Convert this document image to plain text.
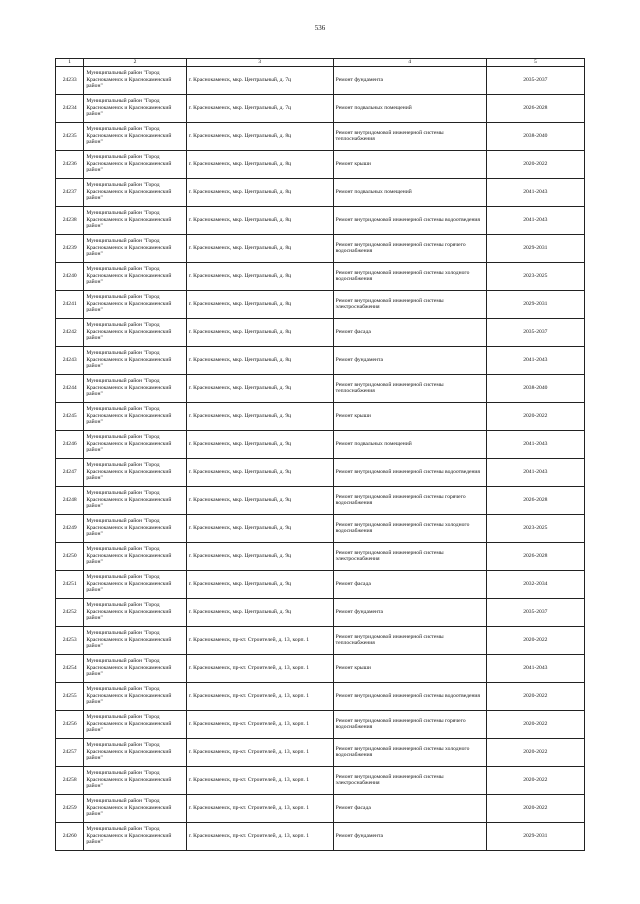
536
1	2	3	4	5
24233	Муниципальный район "Город Краснокаменск и Краснокаменский район"	г. Краснокаменск, мкр. Центральный, д. 7ц	Ремонт фундамента	2035-2037
24234	Муниципальный район "Город Краснокаменск и Краснокаменский район"	г. Краснокаменск, мкр. Центральный, д. 7ц	Ремонт подвальных помещений	2026-2028
24235	Муниципальный район "Город Краснокаменск и Краснокаменский район"	г. Краснокаменск, мкр. Центральный, д. 8ц	Ремонт внутридомовой инженерной системы теплоснабжения	2038-2040
24236	Муниципальный район "Город Краснокаменск и Краснокаменский район"	г. Краснокаменск, мкр. Центральный, д. 8ц	Ремонт крыши	2020-2022
24237	Муниципальный район "Город Краснокаменск и Краснокаменский район"	г. Краснокаменск, мкр. Центральный, д. 8ц	Ремонт подвальных помещений	2041-2043
24238	Муниципальный район "Город Краснокаменск и Краснокаменский район"	г. Краснокаменск, мкр. Центральный, д. 8ц	Ремонт внутридомовой инженерной системы водоотведения	2041-2043
24239	Муниципальный район "Город Краснокаменск и Краснокаменский район"	г. Краснокаменск, мкр. Центральный, д. 8ц	Ремонт внутридомовой инженерной системы горячего водоснабжения	2029-2031
24240	Муниципальный район "Город Краснокаменск и Краснокаменский район"	г. Краснокаменск, мкр. Центральный, д. 8ц	Ремонт внутридомовой инженерной системы холодного водоснабжения	2023-2025
24241	Муниципальный район "Город Краснокаменск и Краснокаменский район"	г. Краснокаменск, мкр. Центральный, д. 8ц	Ремонт внутридомовой инженерной системы электроснабжения	2029-2031
24242	Муниципальный район "Город Краснокаменск и Краснокаменский район"	г. Краснокаменск, мкр. Центральный, д. 8ц	Ремонт фасада	2035-2037
24243	Муниципальный район "Город Краснокаменск и Краснокаменский район"	г. Краснокаменск, мкр. Центральный, д. 8ц	Ремонт фундамента	2041-2043
24244	Муниципальный район "Город Краснокаменск и Краснокаменский район"	г. Краснокаменск, мкр. Центральный, д. 9ц	Ремонт внутридомовой инженерной системы теплоснабжения	2038-2040
24245	Муниципальный район "Город Краснокаменск и Краснокаменский район"	г. Краснокаменск, мкр. Центральный, д. 9ц	Ремонт крыши	2020-2022
24246	Муниципальный район "Город Краснокаменск и Краснокаменский район"	г. Краснокаменск, мкр. Центральный, д. 9ц	Ремонт подвальных помещений	2041-2043
24247	Муниципальный район "Город Краснокаменск и Краснокаменский район"	г. Краснокаменск, мкр. Центральный, д. 9ц	Ремонт внутридомовой инженерной системы водоотведения	2041-2043
24248	Муниципальный район "Город Краснокаменск и Краснокаменский район"	г. Краснокаменск, мкр. Центральный, д. 9ц	Ремонт внутридомовой инженерной системы горячего водоснабжения	2026-2028
24249	Муниципальный район "Город Краснокаменск и Краснокаменский район"	г. Краснокаменск, мкр. Центральный, д. 9ц	Ремонт внутридомовой инженерной системы холодного водоснабжения	2023-2025
24250	Муниципальный район "Город Краснокаменск и Краснокаменский район"	г. Краснокаменск, мкр. Центральный, д. 9ц	Ремонт внутридомовой инженерной системы электроснабжения	2026-2028
24251	Муниципальный район "Город Краснокаменск и Краснокаменский район"	г. Краснокаменск, мкр. Центральный, д. 9ц	Ремонт фасада	2032-2034
24252	Муниципальный район "Город Краснокаменск и Краснокаменский район"	г. Краснокаменск, мкр. Центральный, д. 9ц	Ремонт фундамента	2035-2037
24253	Муниципальный район "Город Краснокаменск и Краснокаменский район"	г. Краснокаменск, пр-кт. Строителей, д. 13, корп. 1	Ремонт внутридомовой инженерной системы теплоснабжения	2020-2022
24254	Муниципальный район "Город Краснокаменск и Краснокаменский район"	г. Краснокаменск, пр-кт. Строителей, д. 13, корп. 1	Ремонт крыши	2041-2043
24255	Муниципальный район "Город Краснокаменск и Краснокаменский район"	г. Краснокаменск, пр-кт. Строителей, д. 13, корп. 1	Ремонт внутридомовой инженерной системы водоотведения	2020-2022
24256	Муниципальный район "Город Краснокаменск и Краснокаменский район"	г. Краснокаменск, пр-кт. Строителей, д. 13, корп. 1	Ремонт внутридомовой инженерной системы горячего водоснабжения	2020-2022
24257	Муниципальный район "Город Краснокаменск и Краснокаменский район"	г. Краснокаменск, пр-кт. Строителей, д. 13, корп. 1	Ремонт внутридомовой инженерной системы холодного водоснабжения	2020-2022
24258	Муниципальный район "Город Краснокаменск и Краснокаменский район"	г. Краснокаменск, пр-кт. Строителей, д. 13, корп. 1	Ремонт внутридомовой инженерной системы электроснабжения	2020-2022
24259	Муниципальный район "Город Краснокаменск и Краснокаменский район"	г. Краснокаменск, пр-кт. Строителей, д. 13, корп. 1	Ремонт фасада	2020-2022
24260	Муниципальный район "Город Краснокаменск и Краснокаменский район"	г. Краснокаменск, пр-кт. Строителей, д. 13, корп. 1	Ремонт фундамента	2029-2031
